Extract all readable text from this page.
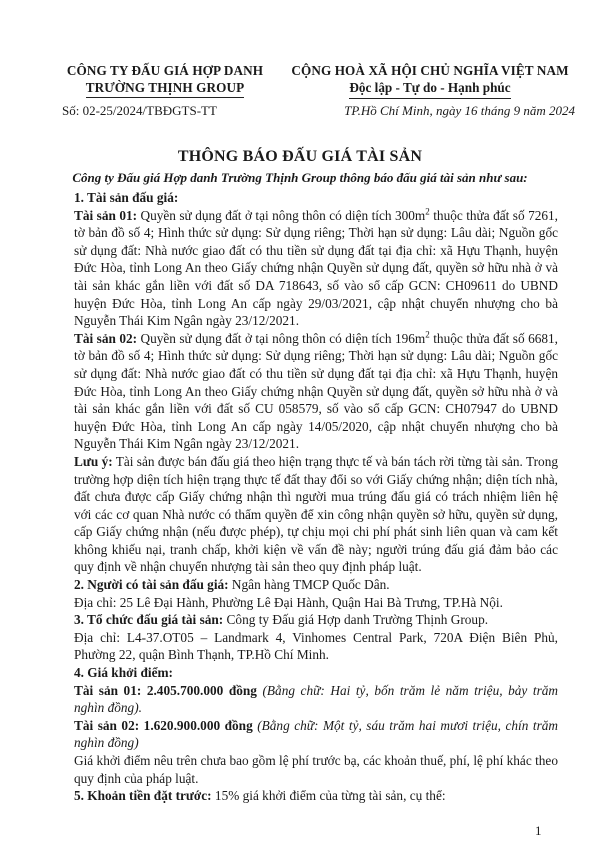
CÔNG TY ĐẤU GIÁ HỢP DANH
TRƯỜNG THỊNH GROUP
CỘNG HOÀ XÃ HỘI CHỦ NGHĨA VIỆT NAM
Độc lập - Tự do - Hạnh phúc
Số: 02-25/2024/TBĐGTS-TT	TP.Hồ Chí Minh, ngày 16 tháng 9 năm 2024
THÔNG BÁO ĐẤU GIÁ TÀI SẢN
Công ty Đấu giá Hợp danh Trường Thịnh Group thông báo đấu giá tài sản như sau:

1. Tài sản đấu giá:

Tài sản 01: Quyền sử dụng đất ở tại nông thôn có diện tích $300m^2$ thuộc thửa đất số 7261, tờ bản đồ số 4; Hình thức sử dụng: Sử dụng riêng; Thời hạn sử dụng: Lâu dài; Nguồn gốc sử dụng đất: Nhà nước giao đất có thu tiền sử dụng đất tại địa chỉ: xã Hựu Thạnh, huyện Đức Hòa, tỉnh Long An theo Giấy chứng nhận Quyền sử dụng đất, quyền sở hữu nhà ở và tài sản khác gắn liền với đất số DA 718643, số vào sổ cấp GCN: CH09611 do UBND huyện Đức Hòa, tỉnh Long An cấp ngày 29/03/2021, cập nhật chuyển nhượng cho bà Nguyễn Thái Kim Ngân ngày 23/12/2021.

Tài sản 02: Quyền sử dụng đất ở tại nông thôn có diện tích $196m^2$ thuộc thửa đất số 6681, tờ bản đồ số 4; Hình thức sử dụng: Sử dụng riêng; Thời hạn sử dụng: Lâu dài; Nguồn gốc sử dụng đất: Nhà nước giao đất có thu tiền sử dụng đất tại địa chỉ: xã Hựu Thạnh, huyện Đức Hòa, tỉnh Long An theo Giấy chứng nhận Quyền sử dụng đất, quyền sở hữu nhà ở và tài sản khác gắn liền với đất số CU 058579, số vào sổ cấp GCN: CH07947 do UBND huyện Đức Hòa, tỉnh Long An cấp ngày 14/05/2020, cập nhật chuyển nhượng cho bà Nguyễn Thái Kim Ngân ngày 23/12/2021.

Lưu ý: Tài sản được bán đấu giá theo hiện trạng thực tế và bán tách rời từng tài sản. Trong trường hợp diện tích hiện trạng thực tế đất thay đổi so với Giấy chứng nhận; diện tích nhà, đất chưa được cấp Giấy chứng nhận thì người mua trúng đấu giá có trách nhiệm liên hệ với các cơ quan Nhà nước có thẩm quyền để xin công nhận quyền sở hữu, quyền sử dụng, cấp Giấy chứng nhận (nếu được phép), tự chịu mọi chi phí phát sinh liên quan và cam kết không khiếu nại, tranh chấp, khởi kiện về vấn đề này; người trúng đấu giá đảm bảo các quy định về nhận chuyển nhượng tài sản theo quy định pháp luật.

2. Người có tài sản đấu giá: Ngân hàng TMCP Quốc Dân.

Địa chỉ: 25 Lê Đại Hành, Phường Lê Đại Hành, Quận Hai Bà Trưng, TP.Hà Nội.

3. Tổ chức đấu giá tài sản: Công ty Đấu giá Hợp danh Trường Thịnh Group.

Địa chỉ: L4-37.OT05 – Landmark 4, Vinhomes Central Park, 720A Điện Biên Phủ, Phường 22, quận Bình Thạnh, TP.Hồ Chí Minh.

4. Giá khởi điểm:

Tài sản 01: 2.405.700.000 đồng (Bằng chữ: Hai tỷ, bốn trăm lẻ năm triệu, bảy trăm nghìn đồng).

Tài sản 02: 1.620.900.000 đồng (Bằng chữ: Một tỷ, sáu trăm hai mươi triệu, chín trăm nghìn đồng)

Giá khởi điểm nêu trên chưa bao gồm lệ phí trước bạ, các khoản thuế, phí, lệ phí khác theo quy định của pháp luật.

5. Khoản tiền đặt trước: 15% giá khởi điểm của từng tài sản, cụ thể:

1
